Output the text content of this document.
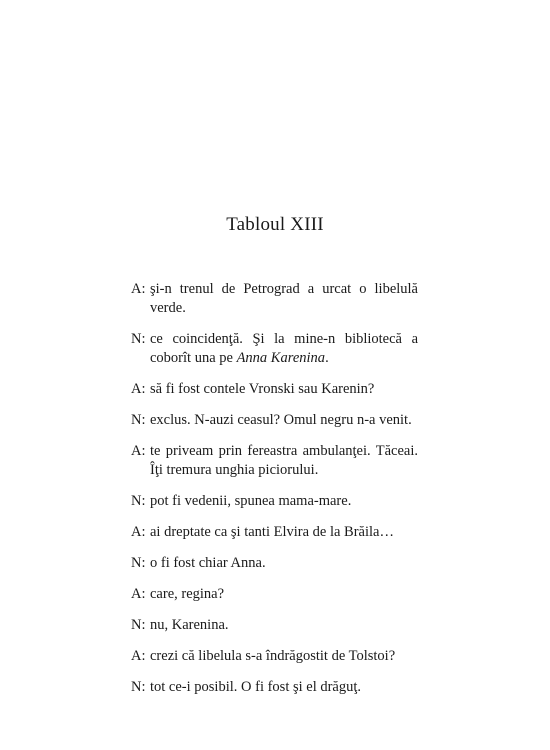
Tabloul XIII
A: şi-n trenul de Petrograd a urcat o libelulă verde.
N: ce coincidenţă. Şi la mine-n bibliotecă a coborît una pe Anna Karenina.
A: să fi fost contele Vronski sau Karenin?
N: exclus. N-auzi ceasul? Omul negru n-a venit.
A: te priveam prin fereastra ambulanţei. Tăceai. Îţi tremura unghia piciorului.
N: pot fi vedenii, spunea mama-mare.
A: ai dreptate ca şi tanti Elvira de la Brăila…
N: o fi fost chiar Anna.
A: care, regina?
N: nu, Karenina.
A: crezi că libelula s-a îndrăgostit de Tolstoi?
N: tot ce-i posibil. O fi fost şi el drăguţ.
